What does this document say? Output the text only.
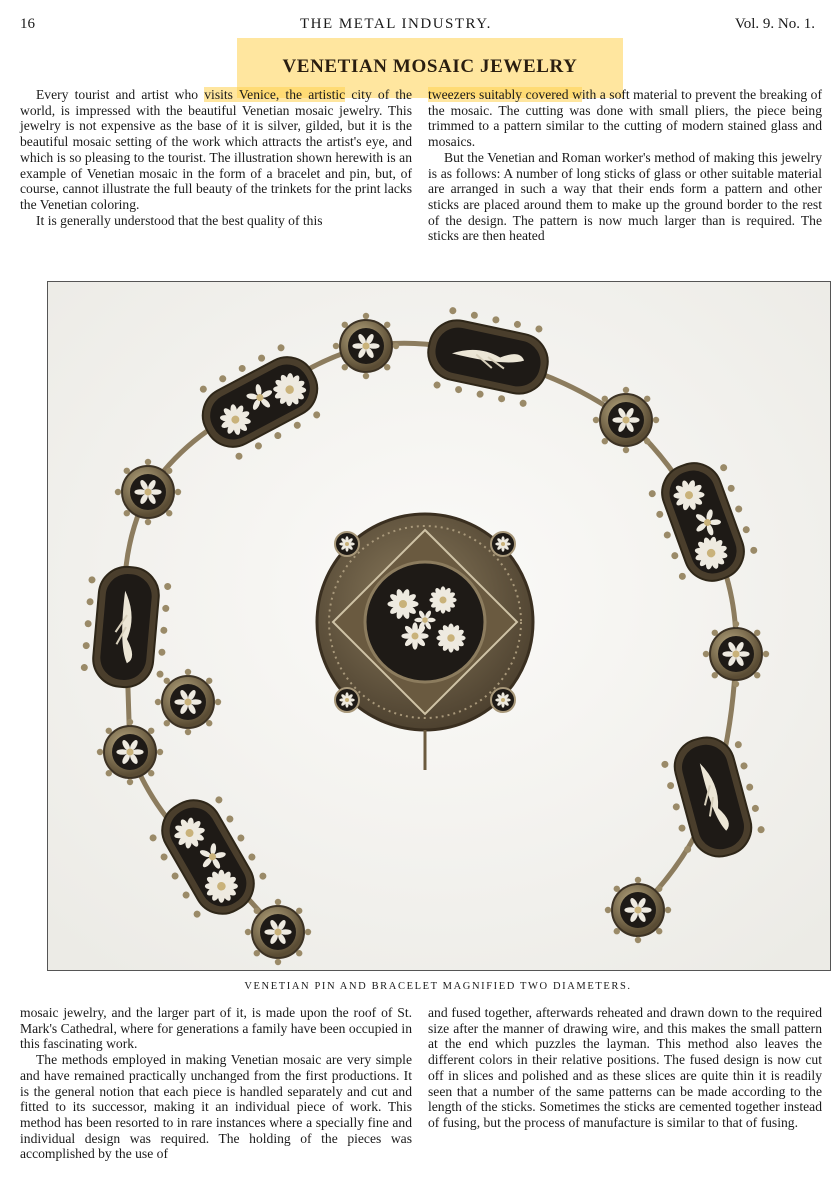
16	THE METAL INDUSTRY.	Vol. 9. No. 1.
VENETIAN MOSAIC JEWELRY

Every tourist and artist who visits Venice, the artistic city of the world, is impressed with the beautiful Venetian mosaic jewelry. This jewelry is not expensive as the base of it is silver, gilded, but it is the beautiful mosaic setting of the work which attracts the artist's eye, and which is so pleasing to the tourist. The illustration shown herewith is an example of Venetian mosaic in the form of a bracelet and pin, but, of course, cannot illustrate the full beauty of the trinkets for the print lacks the Venetian coloring.

It is generally understood that the best quality of this

tweezers suitably covered with a soft material to prevent the breaking of the mosaic. The cutting was done with small pliers, the piece being trimmed to a pattern similar to the cutting of modern stained glass and mosaics.

But the Venetian and Roman worker's method of making this jewelry is as follows: A number of long sticks of glass or other suitable material are arranged in such a way that their ends form a pattern and other sticks are placed around them to make up the ground border to the rest of the design. The pattern is now much larger than is required. The sticks are then heated

VENETIAN PIN AND BRACELET MAGNIFIED TWO DIAMETERS.

mosaic jewelry, and the larger part of it, is made upon the roof of St. Mark's Cathedral, where for generations a family have been occupied in this fascinating work.

The methods employed in making Venetian mosaic are very simple and have remained practically unchanged from the first productions. It is the general notion that each piece is handled separately and cut and fitted to its successor, making it an individual piece of work. This method has been resorted to in rare instances where a specially fine and individual design was required. The holding of the pieces was accomplished by the use of

and fused together, afterwards reheated and drawn down to the required size after the manner of drawing wire, and this makes the small pattern at the end which puzzles the layman. This method also leaves the different colors in their relative positions. The fused design is now cut off in slices and polished and as these slices are quite thin it is readily seen that a number of the same patterns can be made according to the length of the sticks. Sometimes the sticks are cemented together instead of fusing, but the process of manufacture is similar to that of fusing.
